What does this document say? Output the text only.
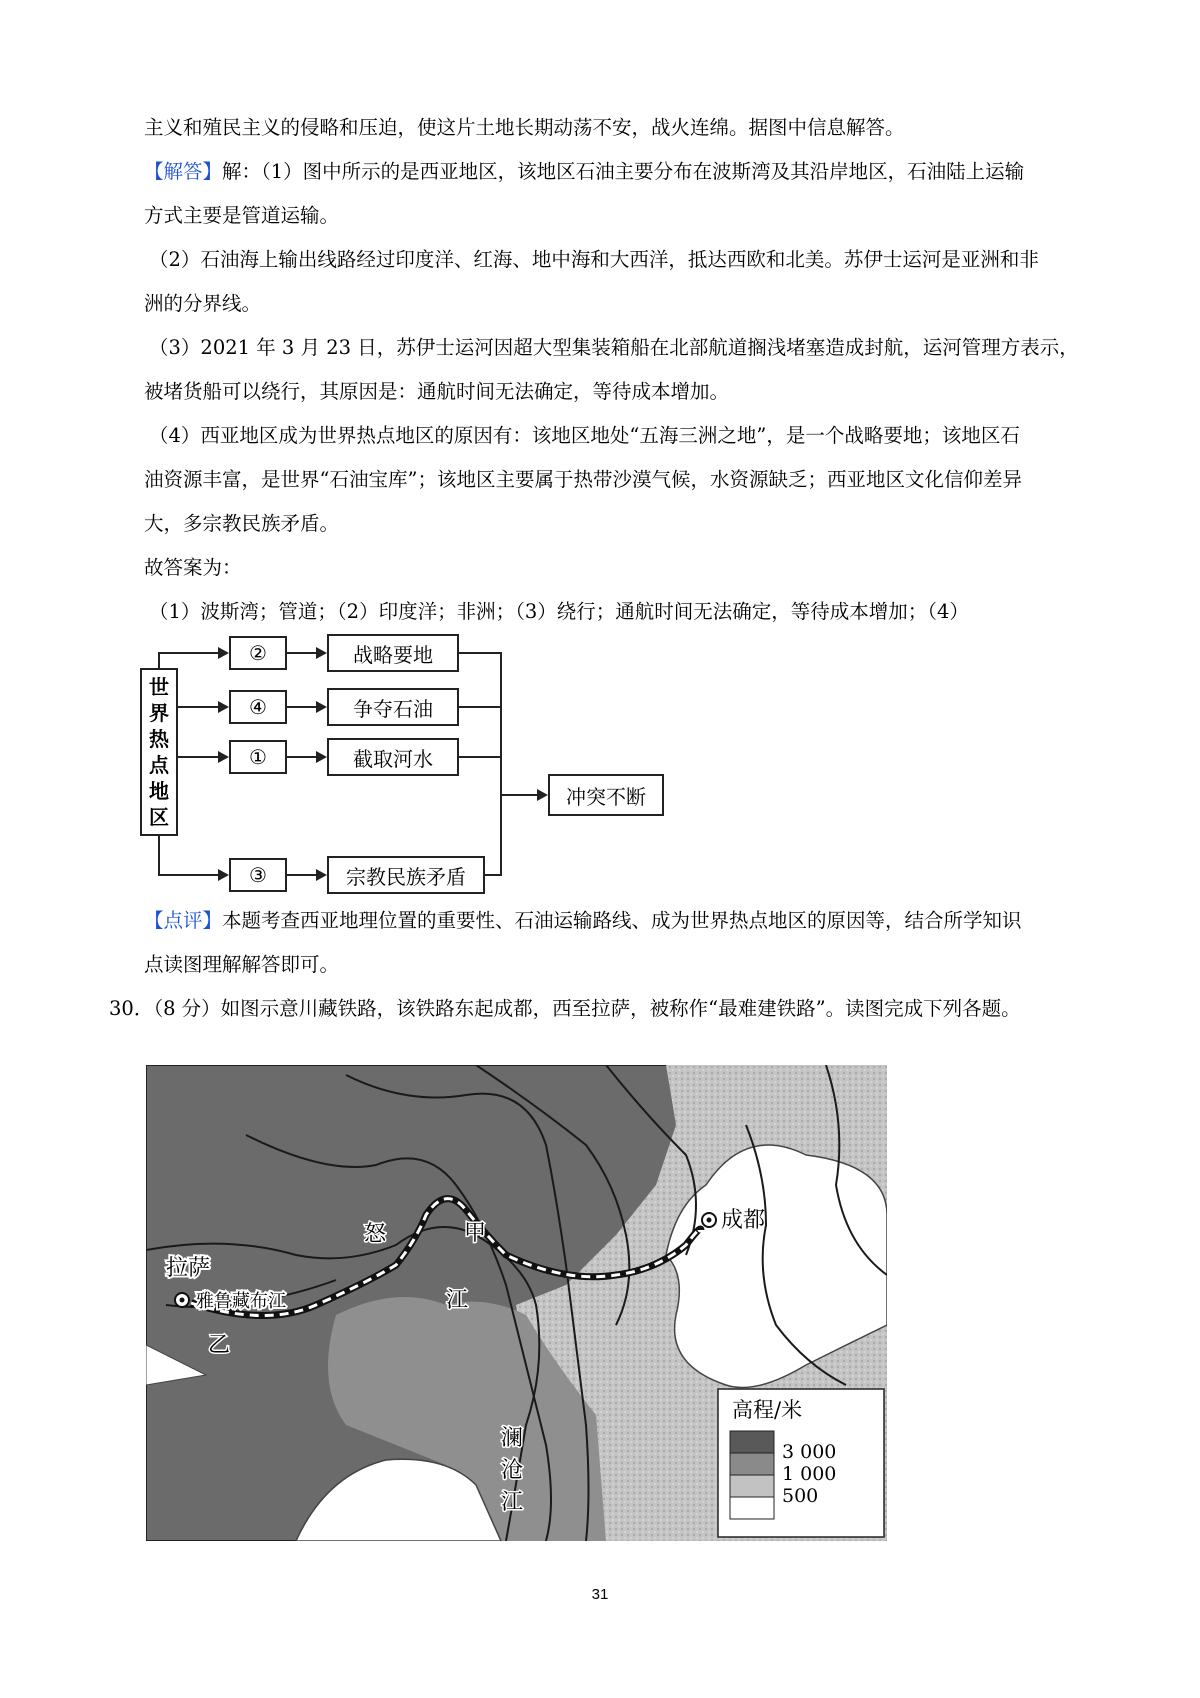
主义和殖民主义的侵略和压迫，使这片土地长期动荡不安，战火连绵。据图中信息解答。
【解答】解：（1）图中所示的是西亚地区，该地区石油主要分布在波斯湾及其沿岸地区，石油陆上运输
方式主要是管道运输。
（2）石油海上输出线路经过印度洋、红海、地中海和大西洋，抵达西欧和北美。苏伊士运河是亚洲和非
洲的分界线。
（3）2021 年 3 月 23 日，苏伊士运河因超大型集装箱船在北部航道搁浅堵塞造成封航，运河管理方表示，
被堵货船可以绕行，其原因是：通航时间无法确定，等待成本增加。
（4）西亚地区成为世界热点地区的原因有：该地区地处“五海三洲之地”，是一个战略要地；该地区石
油资源丰富，是世界“石油宝库”；该地区主要属于热带沙漠气候，水资源缺乏；西亚地区文化信仰差异
大，多宗教民族矛盾。
故答案为：
（1）波斯湾；管道；（2）印度洋；非洲；（3）绕行；通航时间无法确定，等待成本增加；（4）
世
界
热
点
地
区
②
④
①
③
战略要地
争夺石油
截取河水
宗教民族矛盾
冲突不断
【点评】本题考查西亚地理位置的重要性、石油运输路线、成为世界热点地区的原因等，结合所学知识
点读图理解解答即可。
30．（8 分）如图示意川藏铁路，该铁路东起成都，西至拉萨，被称作“最难建铁路”。读图完成下列各题。
拉萨
雅鲁藏布江
成都
怒
江
甲
乙
澜
沧
江
高程/米
3 000
1 000
500
31
